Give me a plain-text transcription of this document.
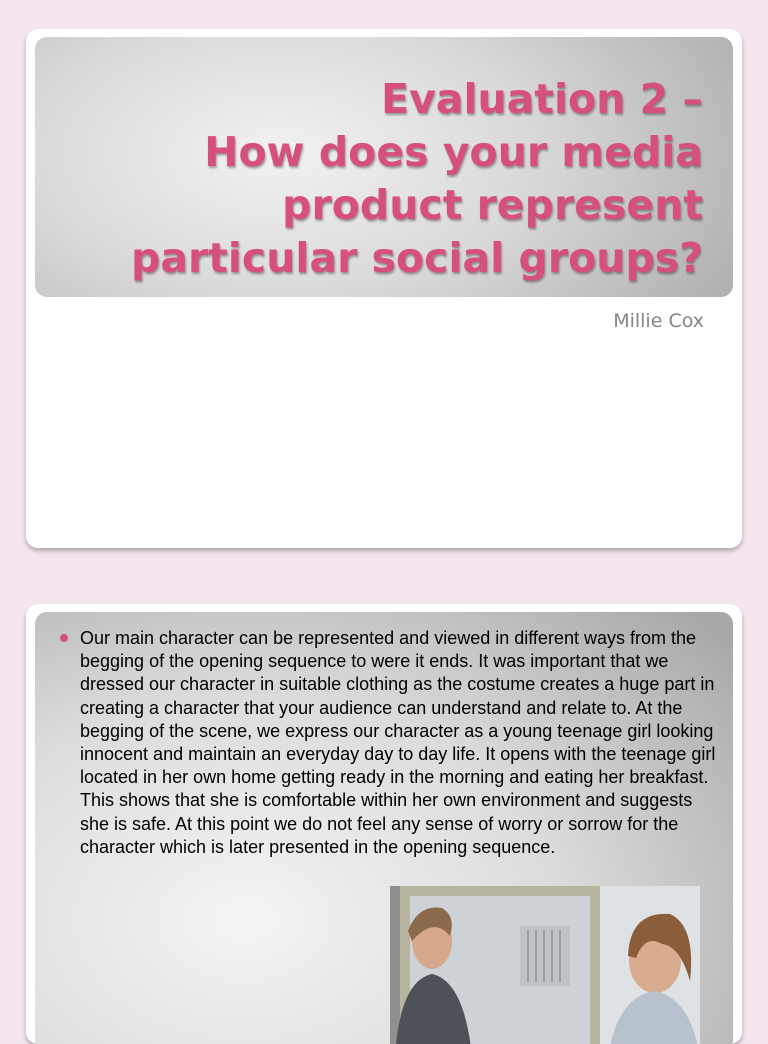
Evaluation 2 –
How does your media
product represent
particular social groups?

Millie Cox

Our main character can be represented and viewed in different ways from the begging of the opening sequence to were it ends. It was important that we dressed our character in suitable clothing as the costume creates a huge part in creating a character that your audience can understand and relate to. At the begging of the scene, we express our character as a young teenage girl looking innocent and maintain an everyday day to day life. It opens with the teenage girl located in her own home getting ready in the morning and eating her breakfast. This shows that she is comfortable within her own environment and suggests she is safe. At this point we do not feel any sense of worry or sorrow for the character which is later presented in the opening sequence.
